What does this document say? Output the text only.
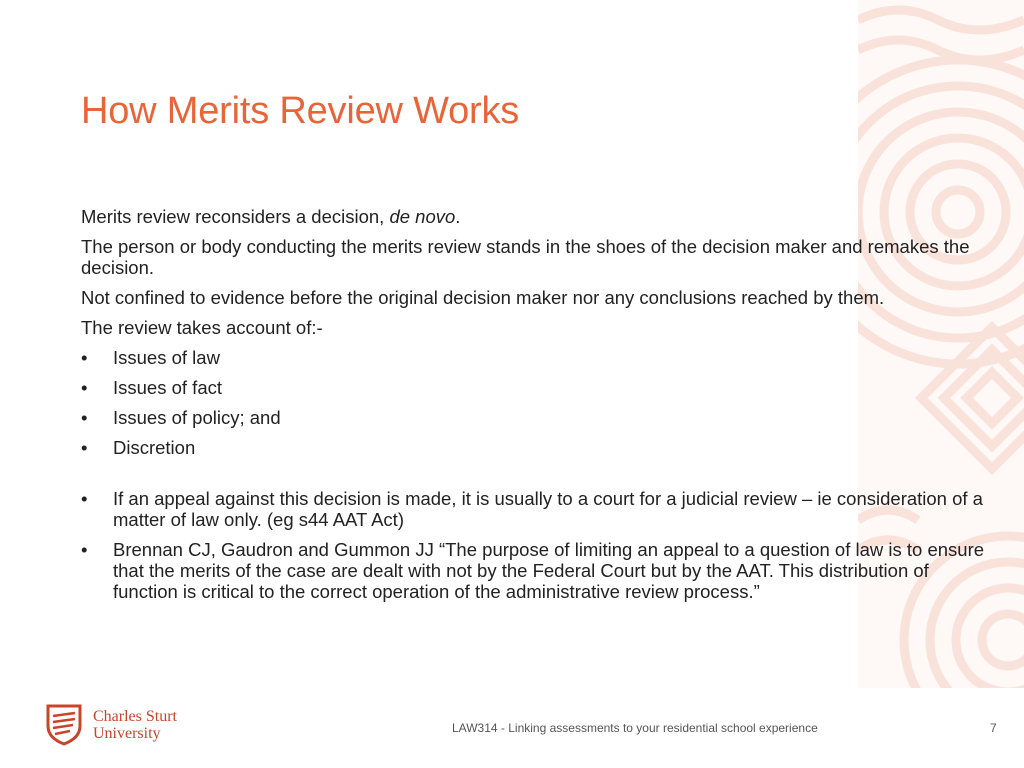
How Merits Review Works

Merits review reconsiders a decision, de novo.

The person or body conducting the merits review stands in the shoes of the decision maker and remakes the decision.

Not confined to evidence before the original decision maker nor any conclusions reached by them.

The review takes account of:-

•	Issues of law
•	Issues of fact
•	Issues of policy; and
•	Discretion
•	If an appeal against this decision is made, it is usually to a court for a judicial review – ie consideration of a matter of law only. (eg s44 AAT Act)
•	Brennan CJ, Gaudron and Gummon JJ “The purpose of limiting an appeal to a question of law is to ensure that the merits of the case are dealt with not by the Federal Court but by the AAT. This distribution of function is critical to the correct operation of the administrative review process.”
Charles Sturt
University	LAW314 - Linking assessments to your residential school experience	7
